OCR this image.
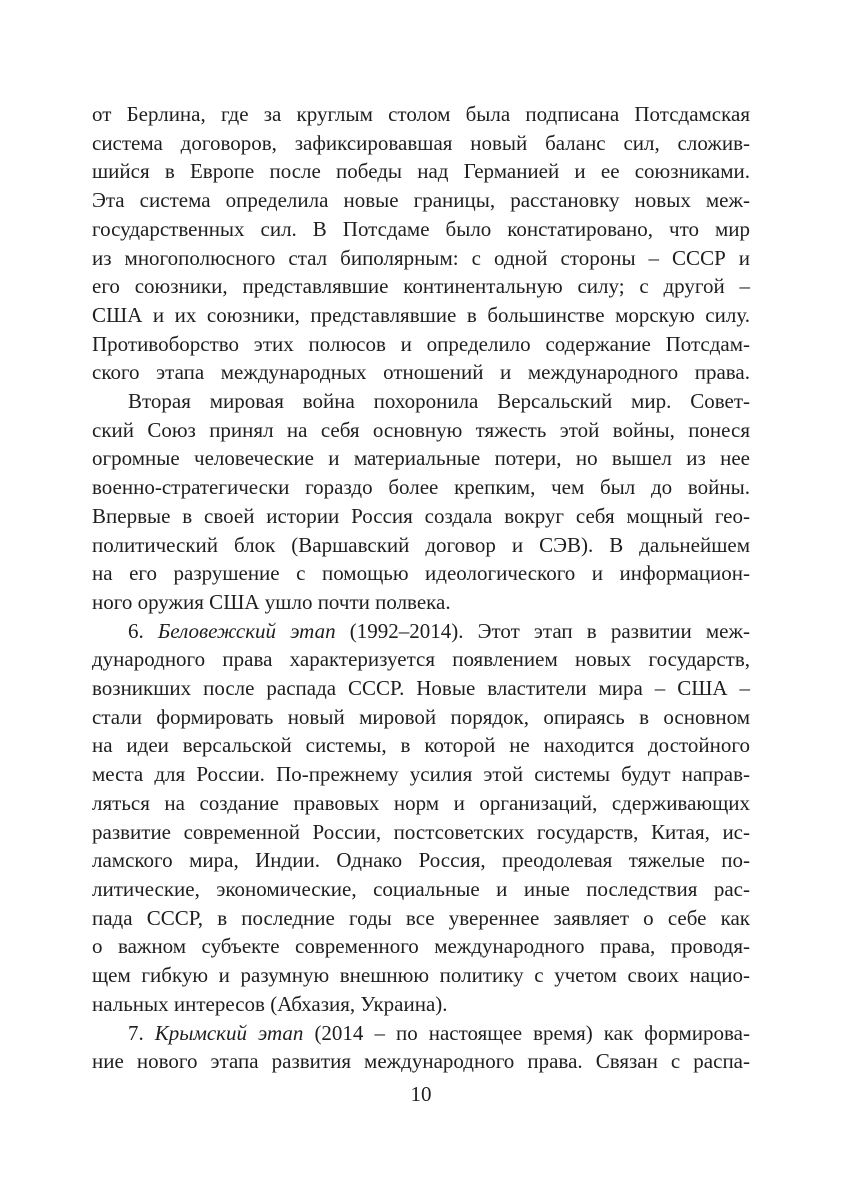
от Берлина, где за круглым столом была подписана Потсдамская
система договоров, зафиксировавшая новый баланс сил, сложив-
шийся в Европе после победы над Германией и ее союзниками.
Эта система определила новые границы, расстановку новых меж-
государственных сил. В Потсдаме было констатировано, что мир
из многополюсного стал биполярным: с одной стороны – СССР и
его союзники, представлявшие континентальную силу; с другой –
США и их союзники, представлявшие в большинстве морскую силу.
Противоборство этих полюсов и определило содержание Потсдам-
ского этапа международных отношений и международного права.
Вторая мировая война похоронила Версальский мир. Совет-
ский Союз принял на себя основную тяжесть этой войны, понеся
огромные человеческие и материальные потери, но вышел из нее
военно-стратегически гораздо более крепким, чем был до войны.
Впервые в своей истории Россия создала вокруг себя мощный гео-
политический блок (Варшавский договор и СЭВ). В дальнейшем
на его разрушение с помощью идеологического и информацион-
ного оружия США ушло почти полвека.
6. Беловежский этап (1992–2014). Этот этап в развитии меж-
дународного права характеризуется появлением новых государств,
возникших после распада СССР. Новые властители мира – США –
стали формировать новый мировой порядок, опираясь в основном
на идеи версальской системы, в которой не находится достойного
места для России. По-прежнему усилия этой системы будут направ-
ляться на создание правовых норм и организаций, сдерживающих
развитие современной России, постсоветских государств, Китая, ис-
ламского мира, Индии. Однако Россия, преодолевая тяжелые по-
литические, экономические, социальные и иные последствия рас-
пада СССР, в последние годы все увереннее заявляет о себе как
о важном субъекте современного международного права, проводя-
щем гибкую и разумную внешнюю политику с учетом своих нацио-
нальных интересов (Абхазия, Украина).
7. Крымский этап (2014 – по настоящее время) как формирова-
ние нового этапа развития международного права. Связан с распа-
10
